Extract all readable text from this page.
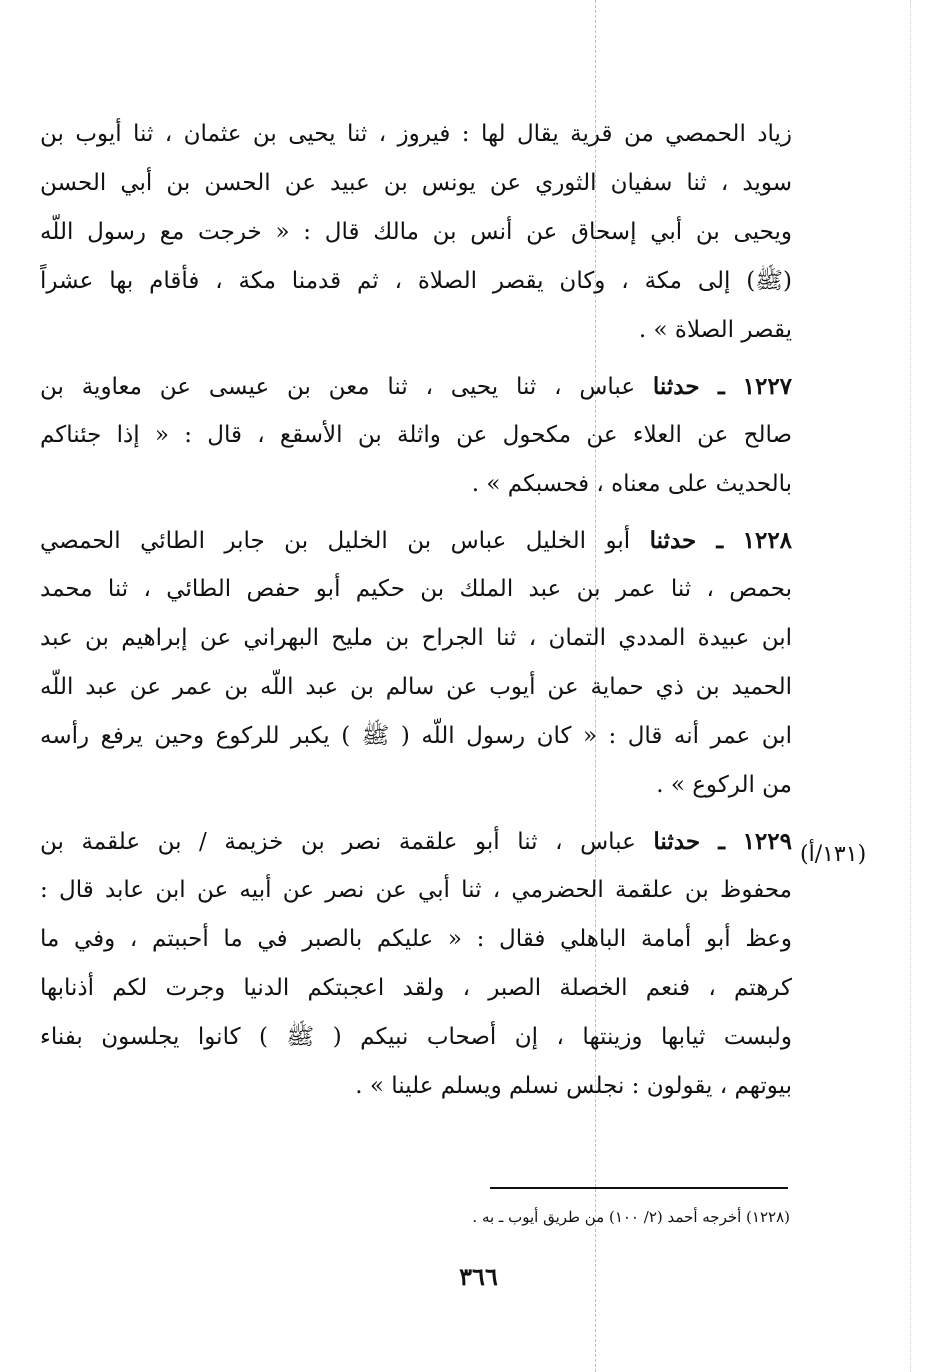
زياد الحمصي من قرية يقال لها : فيروز ، ثنا يحيى بن عثمان ، ثنا أيوب بن
سويد ، ثنا سفيان الثوري عن يونس بن عبيد عن الحسن بن أبي الحسن
ويحيى بن أبي إسحاق عن أنس بن مالك قال : « خرجت مع رسول اللّه
(ﷺ) إلى مكة ، وكان يقصر الصلاة ، ثم قدمنا مكة ، فأقام بها عشراً
يقصر الصلاة » .
١٢٢٧ ـ حدثنا عباس ، ثنا يحيى ، ثنا معن بن عيسى عن معاوية بن
صالح عن العلاء عن مكحول عن واثلة بن الأسقع ، قال : « إذا جئناكم
بالحديث على معناه ، فحسبكم » .
١٢٢٨ ـ حدثنا أبو الخليل عباس بن الخليل بن جابر الطائي الحمصي
بحمص ، ثنا عمر بن عبد الملك بن حكيم أبو حفص الطائي ، ثنا محمد
ابن عبيدة المددي التمان ، ثنا الجراح بن مليح البهراني عن إبراهيم بن عبد
الحميد بن ذي حماية عن أيوب عن سالم بن عبد اللّه بن عمر عن عبد اللّه
ابن عمر أنه قال : « كان رسول اللّه ( ﷺ ) يكبر للركوع وحين يرفع رأسه
من الركوع » .
١٢٢٩ ـ حدثنا عباس ، ثنا أبو علقمة نصر بن خزيمة / بن علقمة بن
محفوظ بن علقمة الحضرمي ، ثنا أبي عن نصر عن أبيه عن ابن عابد قال :
وعظ أبو أمامة الباهلي فقال : « عليكم بالصبر في ما أحببتم ، وفي ما
كرهتم ، فنعم الخصلة الصبر ، ولقد اعجبتكم الدنيا وجرت لكم أذنابها
ولبست ثيابها وزينتها ، إن أصحاب نبيكم ( ﷺ ) كانوا يجلسون بفناء
بيوتهم ، يقولون : نجلس نسلم ويسلم علينا » .
(١٣١/أ)
(١٢٢٨) أخرجه أحمد (٢/ ١٠٠) من طريق أيوب ـ به .
٣٦٦
